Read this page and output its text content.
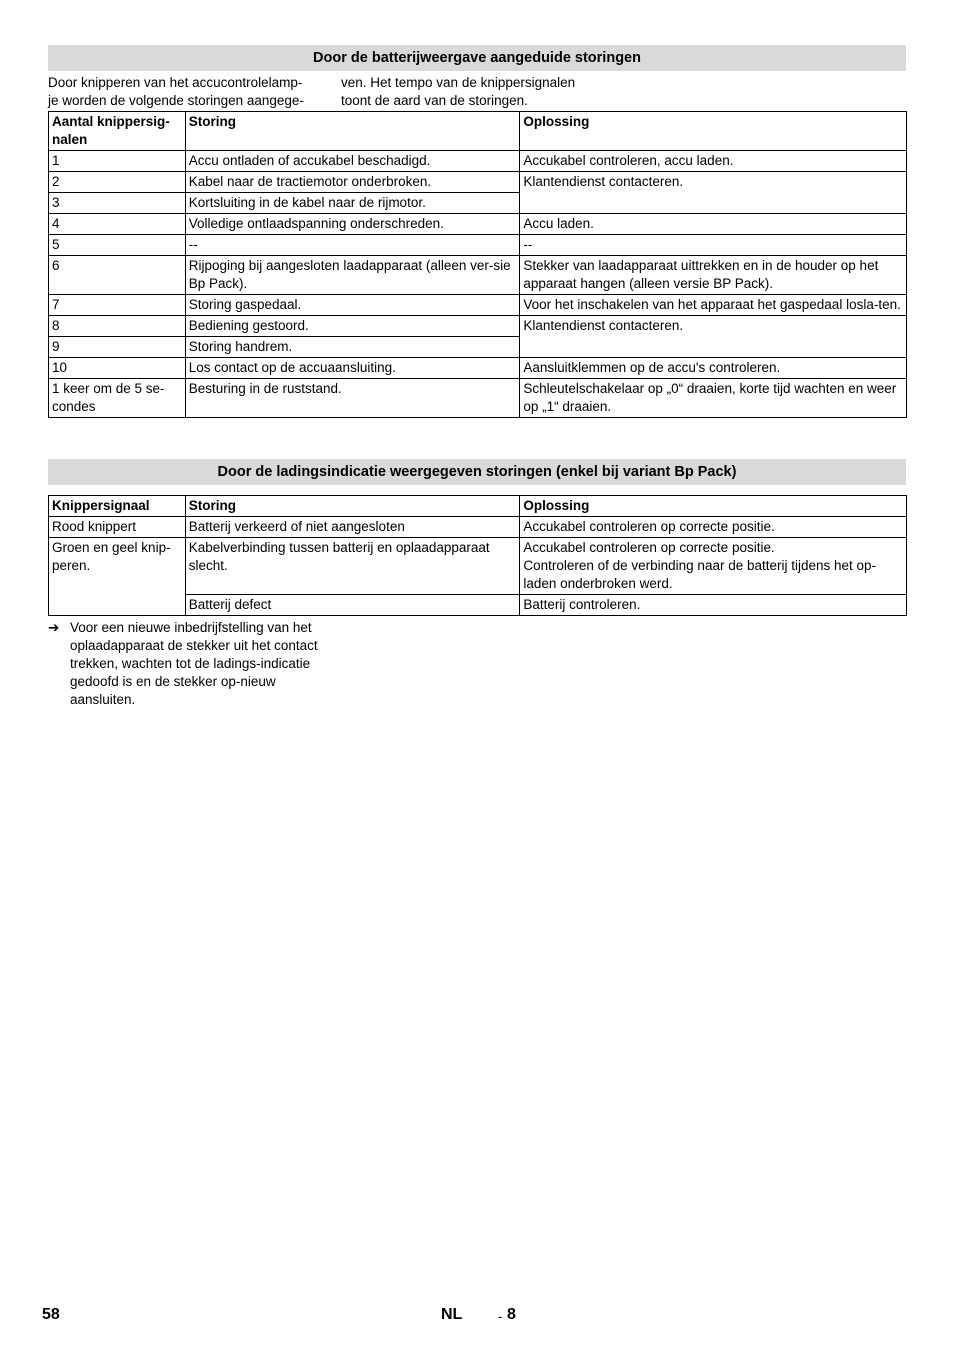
Door de batterijweergave aangeduide storingen
Door knipperen van het accucontrolelamp-
je worden de volgende storingen aangege-
ven. Het tempo van de knippersignalen
toont de aard van de storingen.
Aantal knippersig-nalen	Storing	Oplossing
1	Accu ontladen of accukabel beschadigd.	Accukabel controleren, accu laden.
2	Kabel naar de tractiemotor onderbroken.	Klantendienst contacteren.
3	Kortsluiting in de kabel naar de rijmotor.	
4	Volledige ontlaadspanning onderschreden.	Accu laden.
5	--	--
6	Rijpoging bij aangesloten laadapparaat (alleen ver-sie Bp Pack).	Stekker van laadapparaat uittrekken en in de houder op het apparaat hangen (alleen versie BP Pack).
7	Storing gaspedaal.	Voor het inschakelen van het apparaat het gaspedaal losla-ten.
8	Bediening gestoord.	Klantendienst contacteren.
9	Storing handrem.	
10	Los contact op de accuaansluiting.	Aansluitklemmen op de accu's controleren.
1 keer om de 5 se-condes	Besturing in de ruststand.	Schleutelschakelaar op „0“ draaien, korte tijd wachten en weer op „1“ draaien.
Door de ladingsindicatie weergegeven storingen (enkel bij variant Bp Pack)
Knippersignaal	Storing	Oplossing
Rood knippert	Batterij verkeerd of niet aangesloten	Accukabel controleren op correcte positie.
Groen en geel knip-peren.	Kabelverbinding tussen batterij en oplaadapparaat slecht.	Accukabel controleren op correcte positie.
Controleren of de verbinding naar de batterij tijdens het op-laden onderbroken werd.

	Batterij defect	Batterij controleren.
➔ Voor een nieuwe inbedrijfstelling van het oplaadapparaat de stekker uit het contact trekken, wachten tot de ladings-indicatie gedoofd is en de stekker op-nieuw aansluiten.
58	NL	- 8
